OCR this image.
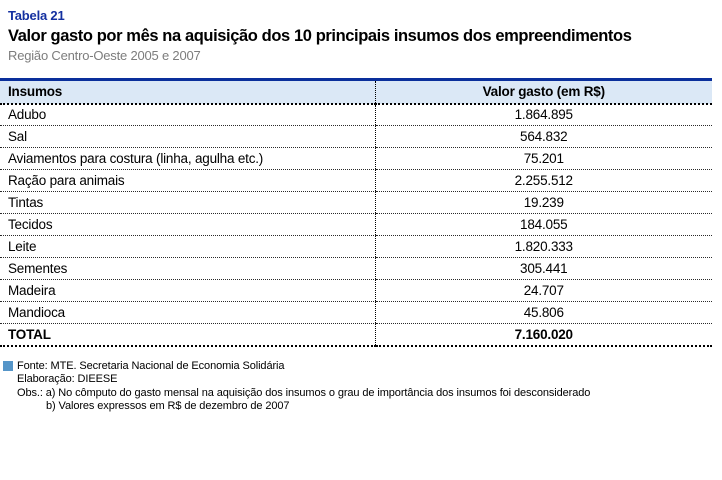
Tabela 21
Valor gasto por mês na aquisição dos 10 principais insumos dos empreendimentos
Região Centro-Oeste 2005 e 2007
Insumos	Valor gasto (em R$)
Adubo	1.864.895
Sal	564.832
Aviamentos para costura (linha, agulha etc.)	75.201
Ração para animais	2.255.512
Tintas	19.239
Tecidos	184.055
Leite	1.820.333
Sementes	305.441
Madeira	24.707
Mandioca	45.806
TOTAL	7.160.020
Fonte: MTE. Secretaria Nacional de Economia Solidária
Elaboração: DIEESE
Obs.: a) No cômputo do gasto mensal na aquisição dos insumos o grau de importância dos insumos foi desconsiderado
b) Valores expressos em R$ de dezembro de 2007
